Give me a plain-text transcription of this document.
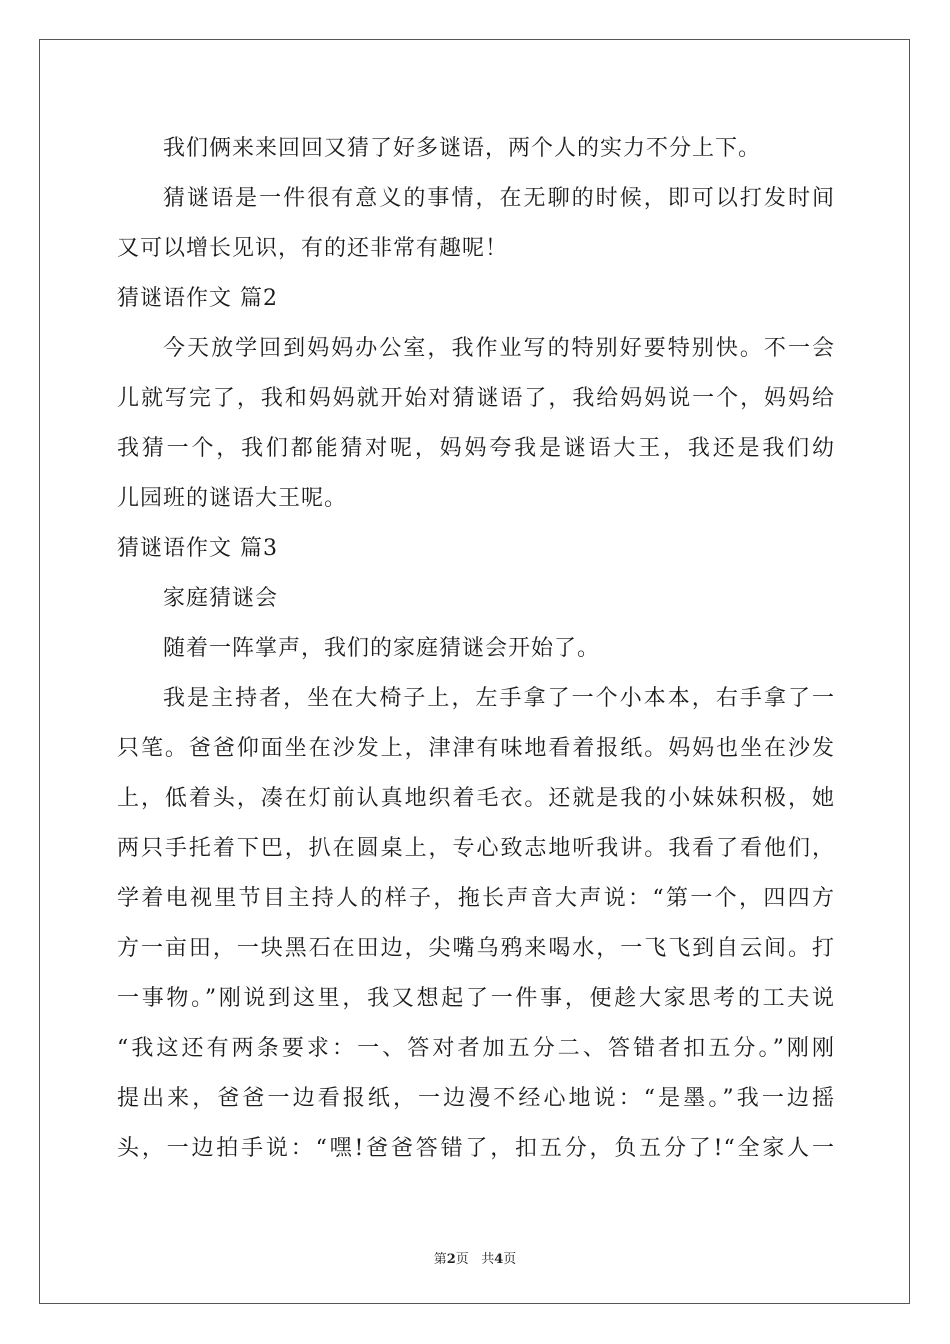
我们俩来来回回又猜了好多谜语，两个人的实力不分上下。
猜谜语是一件很有意义的事情，在无聊的时候，即可以打发时间
又可以增长见识，有的还非常有趣呢！
猜谜语作文 篇2
今天放学回到妈妈办公室，我作业写的特别好要特别快。不一会
儿就写完了，我和妈妈就开始对猜谜语了，我给妈妈说一个，妈妈给
我猜一个，我们都能猜对呢，妈妈夸我是谜语大王，我还是我们幼
儿园班的谜语大王呢。
猜谜语作文 篇3
家庭猜谜会
随着一阵掌声，我们的家庭猜谜会开始了。
我是主持者，坐在大椅子上，左手拿了一个小本本，右手拿了一
只笔。爸爸仰面坐在沙发上，津津有味地看着报纸。妈妈也坐在沙发
上，低着头，凑在灯前认真地织着毛衣。还就是我的小妹妹积极，她
两只手托着下巴，扒在圆桌上，专心致志地听我讲。我看了看他们，
学着电视里节目主持人的样子，拖长声音大声说：“第一个，四四方
方一亩田，一块黑石在田边，尖嘴乌鸦来喝水，一飞飞到自云间。打
一事物。”刚说到这里，我又想起了一件事，便趁大家思考的工夫说
“我这还有两条要求：一、答对者加五分二、答错者扣五分。”刚刚
提出来，爸爸一边看报纸，一边漫不经心地说：“是墨。”我一边摇
头，一边拍手说：“嘿!爸爸答错了，扣五分，负五分了!“全家人一
第2页   共4页
